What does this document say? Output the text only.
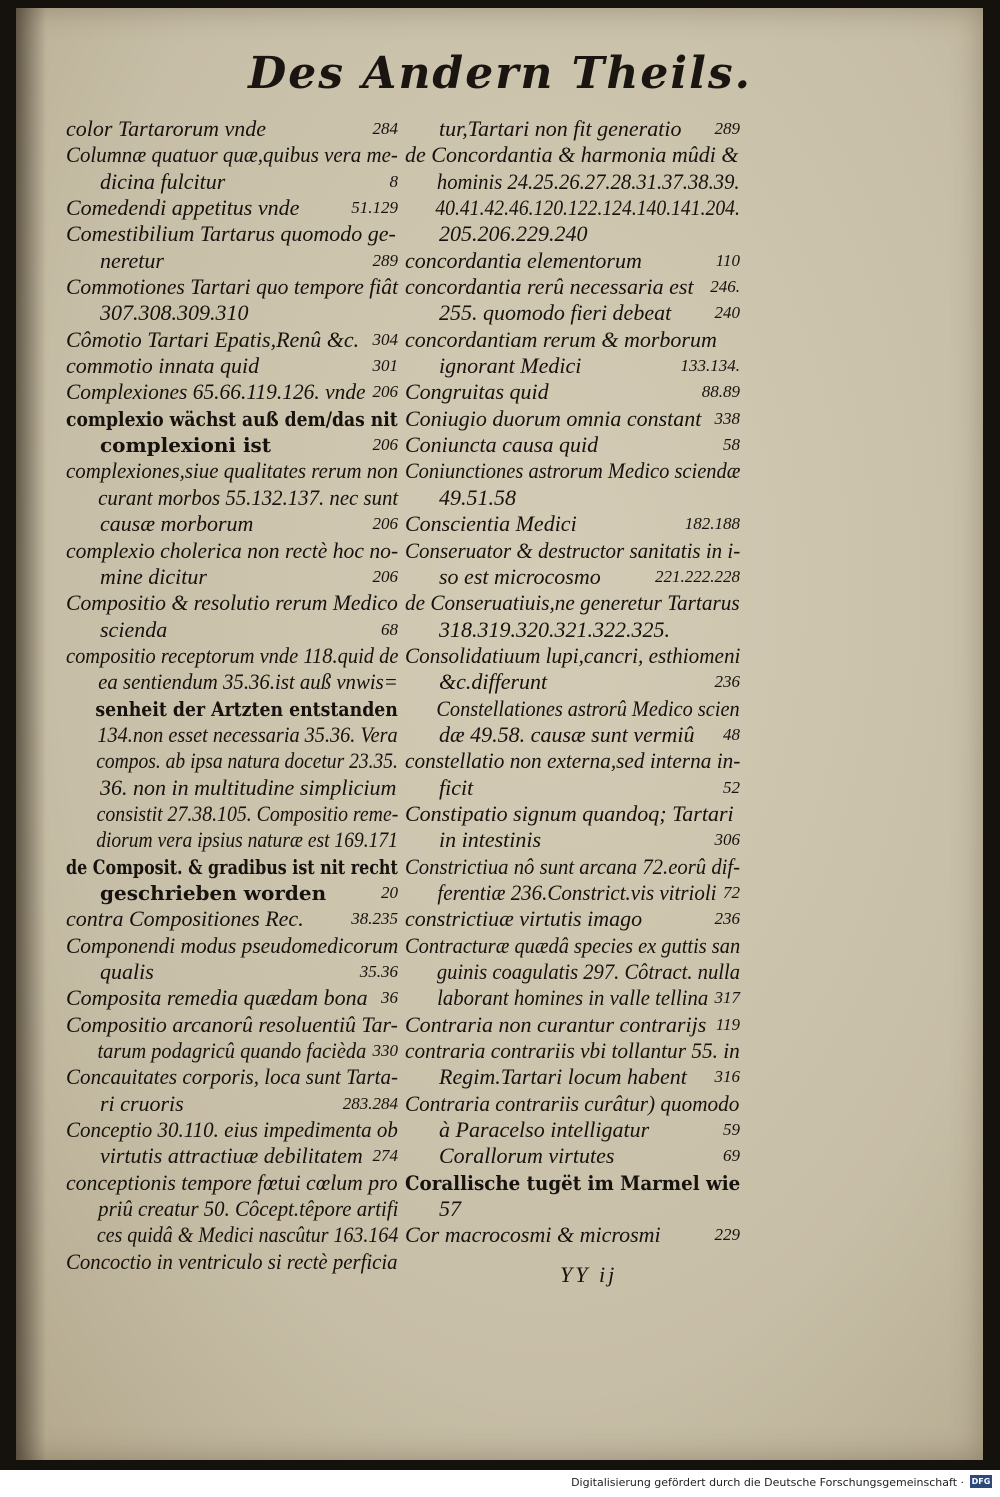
Des Andern Theils.
color Tartarorum vnde	284
Columnæ quatuor quæ,quibus vera me-
dicina fulcitur	8
Comedendi appetitus vnde	51.129
Comestibilium Tartarus quomodo ge-
neretur	289
Commotiones Tartari quo tempore fiât
307.308.309.310
Cômotio Tartari Epatis,Renû &c. 304
commotio innata quid	301
Complexiones 65.66.119.126. vnde 206
complexio wächst auß dem/das nit
complexioni ist	206
complexiones,siue qualitates rerum non
curant morbos 55.132.137. nec sunt
causæ morborum	206
complexio cholerica non rectè hoc no-
mine dicitur	206
Compositio & resolutio rerum Medico
scienda	68
compositio receptorum vnde 118.quid de
ea sentiendum 35.36.ist auß vnwis=
senheit der Artzten entstanden
134.non esset necessaria 35.36. Vera
compos. ab ipsa natura docetur 23.35.
36. non in multitudine simplicium
consistit 27.38.105. Compositio reme-
diorum vera ipsius naturæ est 169.171
de Composit. & gradibus ist nit recht
geschrieben worden	20
contra Compositiones Rec.	38.235
Componendi modus pseudomedicorum
qualis	35.36
Composita remedia quædam bona 36
Compositio arcanorû resoluentiû Tar-
tarum podagricû quando facièda 330
Concauitates corporis, loca sunt Tarta-
ri cruoris	283.284
Conceptio 30.110. eius impedimenta ob
virtutis attractiuæ debilitatem 274
conceptionis tempore fœtui cœlum pro
priû creatur 50. Côcept.têpore artifi
ces quidâ & Medici nascûtur 163.164
Concoctio in ventriculo si rectè perficia
tur,Tartari non fit generatio 289
de Concordantia & harmonia mûdi &
hominis 24.25.26.27.28.31.37.38.39.
40.41.42.46.120.122.124.140.141.204.
205.206.229.240
concordantia elementorum	110
concordantia rerû necessaria est 246.
255. quomodo fieri debeat	240
concordantiam rerum & morborum
ignorant Medici	133.134.
Congruitas quid	88.89
Coniugio duorum omnia constant 338
Coniuncta causa quid	58
Coniunctiones astrorum Medico sciendæ
49.51.58
Conscientia Medici	182.188
Conseruator & destructor sanitatis in i-
so est microcosmo	221.222.228
de Conseruatiuis,ne generetur Tartarus
318.319.320.321.322.325.
Consolidatiuum lupi,cancri, esthiomeni
&c.differunt	236
Constellationes astrorû Medico scien
dæ 49.58. causæ sunt vermiû 48
constellatio non externa,sed interna in-
ficit	52
Constipatio signum quandoq; Tartari
in intestinis	306
Constrictiua nô sunt arcana 72.eorû dif-
ferentiæ 236.Constrict.vis vitrioli 72
constrictiuæ virtutis imago	236
Contracturæ quædâ species ex guttis san
guinis coagulatis 297. Côtract. nulla
laborant homines in valle tellina 317
Contraria non curantur contrarijs 119
contraria contrariis vbi tollantur 55. in
Regim.Tartari locum habent 316
Contraria contrariis curâtur) quomodo
à Paracelso intelligatur	59
Corallorum virtutes	69
Corallische tugët im Marmel wie
57
Cor macrocosmi & microsmi	229
YY ij
Digitalisierung gefördert durch die Deutsche Forschungsgemeinschaft · DFG
